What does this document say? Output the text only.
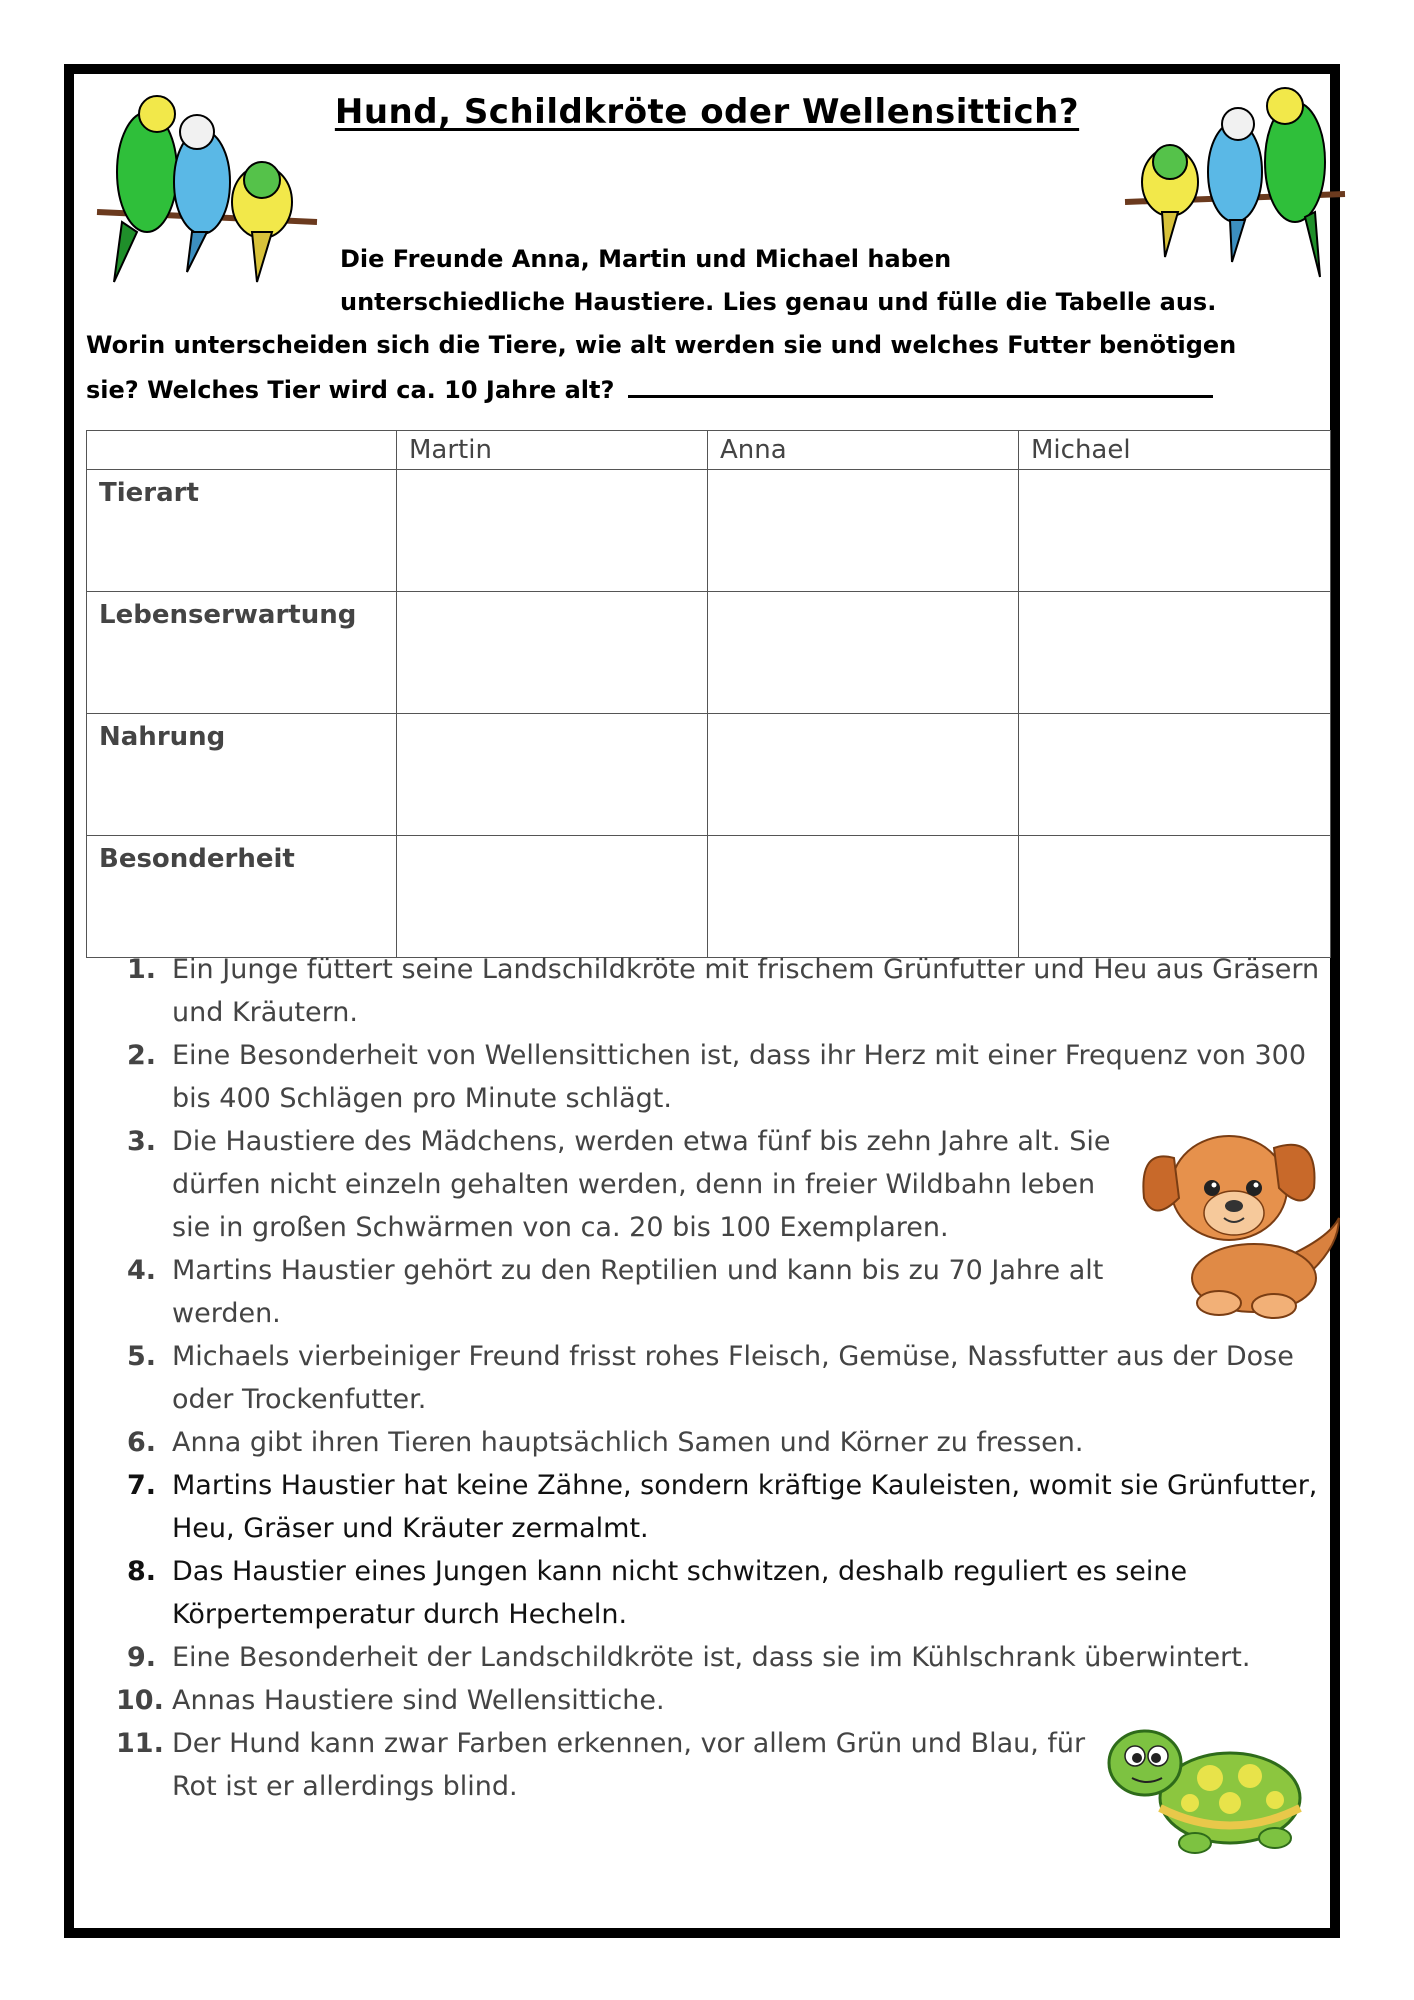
Hund, Schildkröte oder Wellensittich?
Die Freunde Anna, Martin und Michael haben
unterschiedliche Haustiere. Lies genau und fülle die Tabelle aus.
Worin unterscheiden sich die Tiere, wie alt werden sie und welches Futter benötigen
sie? Welches Tier wird ca. 10 Jahre alt?
	Martin	Anna	Michael
Tierart			
Lebenserwartung			
Nahrung			
Besonderheit			
1. Ein Junge füttert seine Landschildkröte mit frischem Grünfutter und Heu aus Gräsern
und Kräutern.
2. Eine Besonderheit von Wellensittichen ist, dass ihr Herz mit einer Frequenz von 300
bis 400 Schlägen pro Minute schlägt.
3. Die Haustiere des Mädchens, werden etwa fünf bis zehn Jahre alt. Sie
dürfen nicht einzeln gehalten werden, denn in freier Wildbahn leben
sie in großen Schwärmen von ca. 20 bis 100 Exemplaren.
4. Martins Haustier gehört zu den Reptilien und kann bis zu 70 Jahre alt
werden.
5. Michaels vierbeiniger Freund frisst rohes Fleisch, Gemüse, Nassfutter aus der Dose
oder Trockenfutter.
6. Anna gibt ihren Tieren hauptsächlich Samen und Körner zu fressen.
7. Martins Haustier hat keine Zähne, sondern kräftige Kauleisten, womit sie Grünfutter,
Heu, Gräser und Kräuter zermalmt.
8. Das Haustier eines Jungen kann nicht schwitzen, deshalb reguliert es seine
Körpertemperatur durch Hecheln.
9. Eine Besonderheit der Landschildkröte ist, dass sie im Kühlschrank überwintert.
10. Annas Haustiere sind Wellensittiche.
11. Der Hund kann zwar Farben erkennen, vor allem Grün und Blau, für
Rot ist er allerdings blind.
